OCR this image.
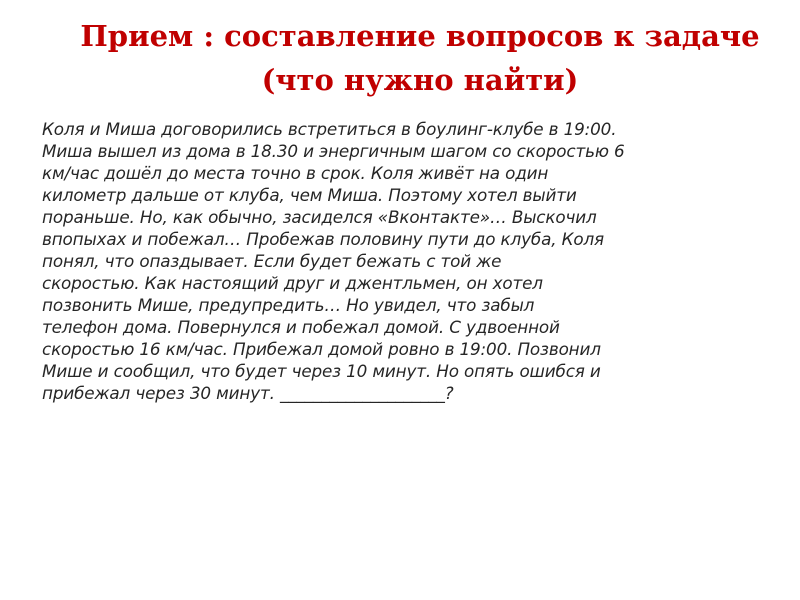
Прием : составление вопросов к задаче
(что нужно найти)
Коля и Миша договорились встретиться в боулинг-клубе в 19:00.
Миша вышел из дома в 18.30 и энергичным шагом со скоростью 6
км/час дошёл до места точно в срок. Коля живёт на один
километр дальше от клуба, чем Миша. Поэтому хотел выйти
пораньше. Но, как обычно, засиделся «Вконтакте»… Выскочил
впопыхах и побежал… Пробежав половину пути до клуба, Коля
понял, что опаздывает. Если будет бежать с той же
скоростью. Как настоящий друг и джентльмен, он хотел
позвонить Мише, предупредить… Но увидел, что забыл
телефон дома. Повернулся и побежал домой. С удвоенной
скоростью 16 км/час. Прибежал домой ровно в 19:00. Позвонил
Мише и сообщил, что будет через 10 минут. Но опять ошибся и
прибежал через 30 минут. ____________________?
